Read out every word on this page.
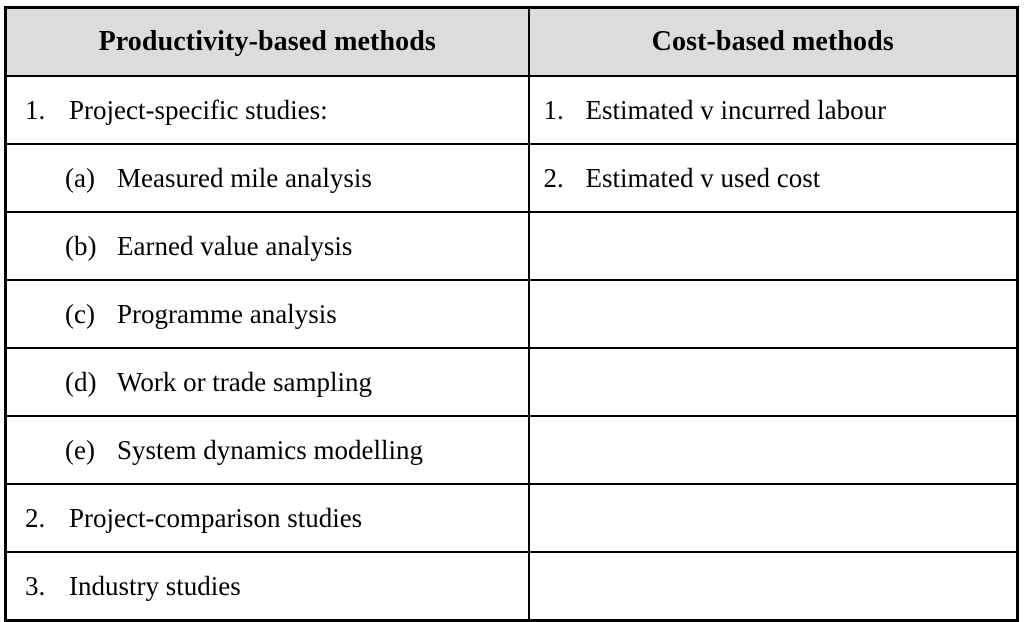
Productivity-based methods	Cost-based methods

1. Project-specific studies:	1. Estimated v incurred labour

(a) Measured mile analysis	2. Estimated v used cost

(b) Earned value analysis	

(c) Programme analysis	

(d) Work or trade sampling	

(e) System dynamics modelling	

2. Project-comparison studies	

3. Industry studies	
